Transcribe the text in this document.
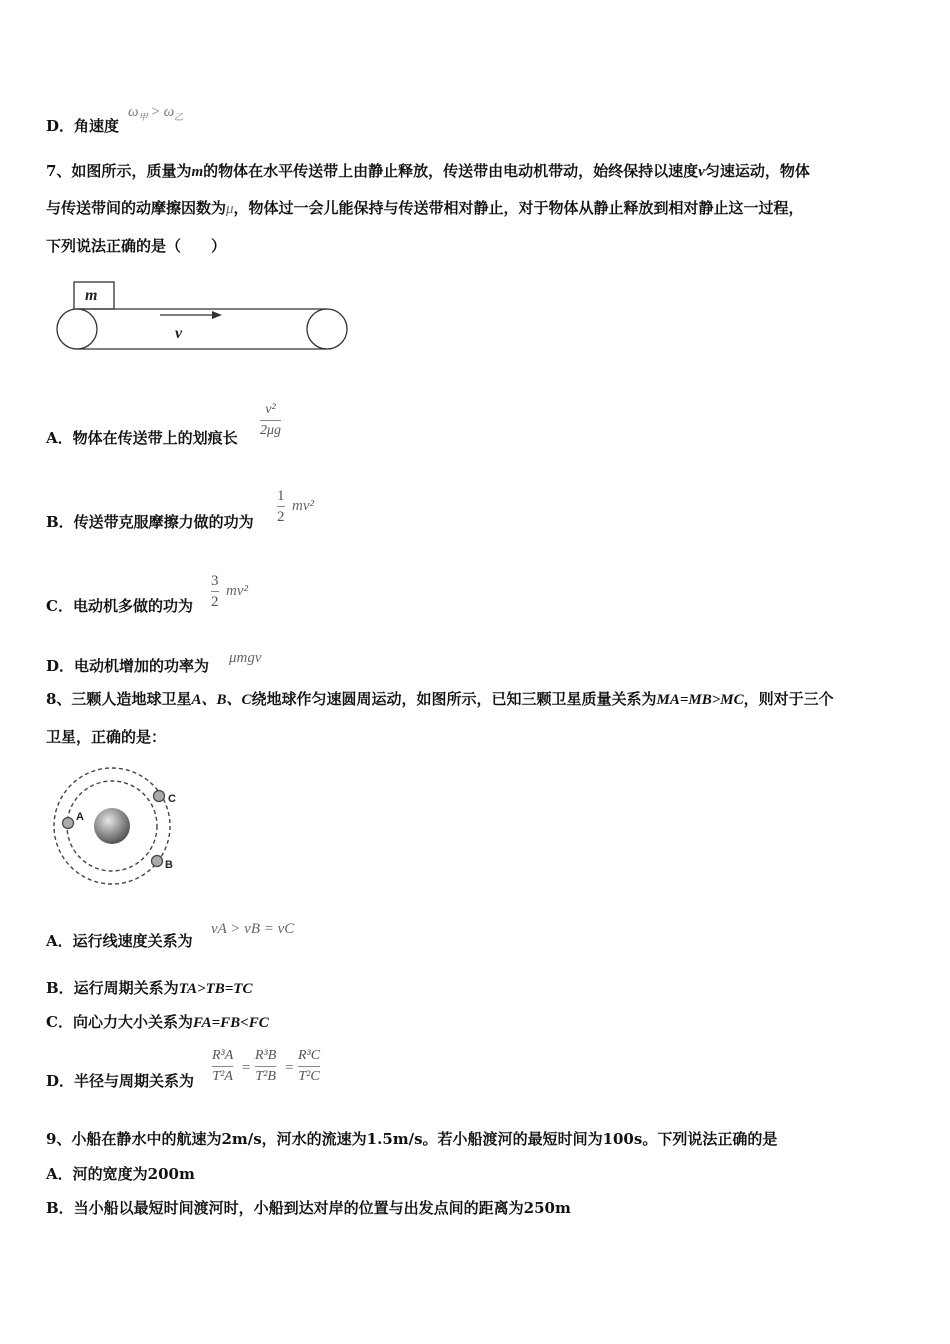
D．角速度
$\omega_甲 > \omega_乙$
7、如图所示，质量为m的物体在水平传送带上由静止释放，传送带由电动机带动，始终保持以速度v匀速运动，物体
与传送带间的动摩擦因数为μ，物体过一会儿能保持与传送带相对静止，对于物体从静止释放到相对静止这一过程，
下列说法正确的是（　　）
m
v
A．物体在传送带上的划痕长
v²
2μg
B．传送带克服摩擦力做的功为
1
2
mv²
C．电动机多做的功为
3
2
mv²
D．电动机增加的功率为 μmgv
8、三颗人造地球卫星A、B、C绕地球作匀速圆周运动，如图所示，已知三颗卫星质量关系为MA=MB>MC，则对于三个
卫星，正确的是：
A
B
C
A．运行线速度关系为
vA > vB = vC
B．运行周期关系为TA>TB=TC
C．向心力大小关系为FA=FB<FC
D．半径与周期关系为
R³A
T²A
=
R³B
T²B
=
R³C
T²C
9、小船在静水中的航速为2m/s，河水的流速为1.5m/s。若小船渡河的最短时间为100s。下列说法正确的是
A．河的宽度为200m
B．当小船以最短时间渡河时，小船到达对岸的位置与出发点间的距离为250m
